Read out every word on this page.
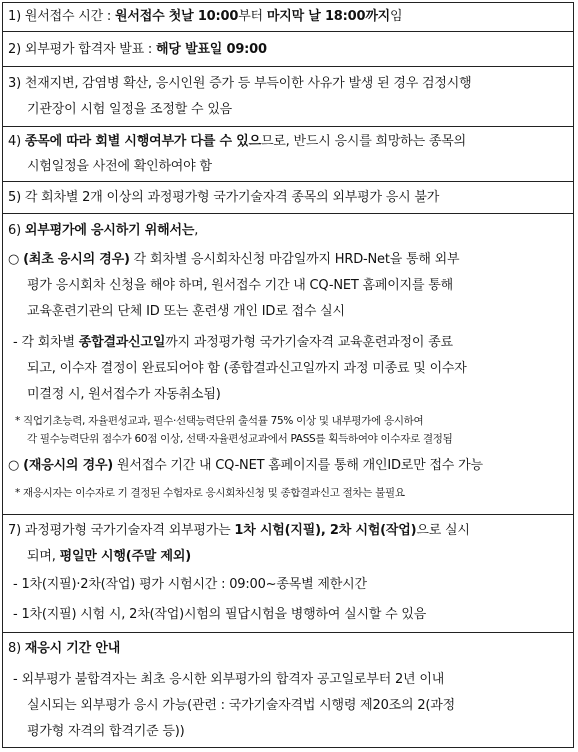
1) 원서접수 시간 : 원서접수 첫날 10:00부터 마지막 날 18:00까지임
2) 외부평가 합격자 발표 : 해당 발표일 09:00
3) 천재지변, 감염병 확산, 응시인원 증가 등 부득이한 사유가 발생 된 경우 검정시행
기관장이 시험 일정을 조정할 수 있음
4) 종목에 따라 회별 시행여부가 다를 수 있으므로, 반드시 응시를 희망하는 종목의
시험일정을 사전에 확인하여야 함
5) 각 회차별 2개 이상의 과정평가형 국가기술자격 종목의 외부평가 응시 불가
6) 외부평가에 응시하기 위해서는,
○ (최초 응시의 경우) 각 회차별 응시회차신청 마감일까지 HRD-Net을 통해 외부
평가 응시회차 신청을 해야 하며, 원서접수 기간 내 CQ-NET 홈페이지를 통해
교육훈련기관의 단체 ID 또는 훈련생 개인 ID로 접수 실시
- 각 회차별 종합결과신고일까지 과정평가형 국가기술자격 교육훈련과정이 종료
되고, 이수자 결정이 완료되어야 함 (종합결과신고일까지 과정 미종료 및 이수자
미결정 시, 원서접수가 자동취소됨)
* 직업기초능력, 자율편성교과, 필수·선택능력단위 출석률 75% 이상 및 내부평가에 응시하여
각 필수능력단위 점수가 60점 이상, 선택·자율편성교과에서 PASS를 획득하여야 이수자로 결정됨
○ (재응시의 경우) 원서접수 기간 내 CQ-NET 홈페이지를 통해 개인ID로만 접수 가능
* 재응시자는 이수자로 기 결정된 수험자로 응시회차신청 및 종합결과신고 절차는 불필요
7) 과정평가형 국가기술자격 외부평가는 1차 시험(지필), 2차 시험(작업)으로 실시
되며, 평일만 시행(주말 제외)
- 1차(지필)·2차(작업) 평가 시험시간 : 09:00~종목별 제한시간
- 1차(지필) 시험 시, 2차(작업)시험의 필답시험을 병행하여 실시할 수 있음
8) 재응시 기간 안내
- 외부평가 불합격자는 최초 응시한 외부평가의 합격자 공고일로부터 2년 이내
실시되는 외부평가 응시 가능(관련 : 국가기술자격법 시행령 제20조의 2(과정
평가형 자격의 합격기준 등))
